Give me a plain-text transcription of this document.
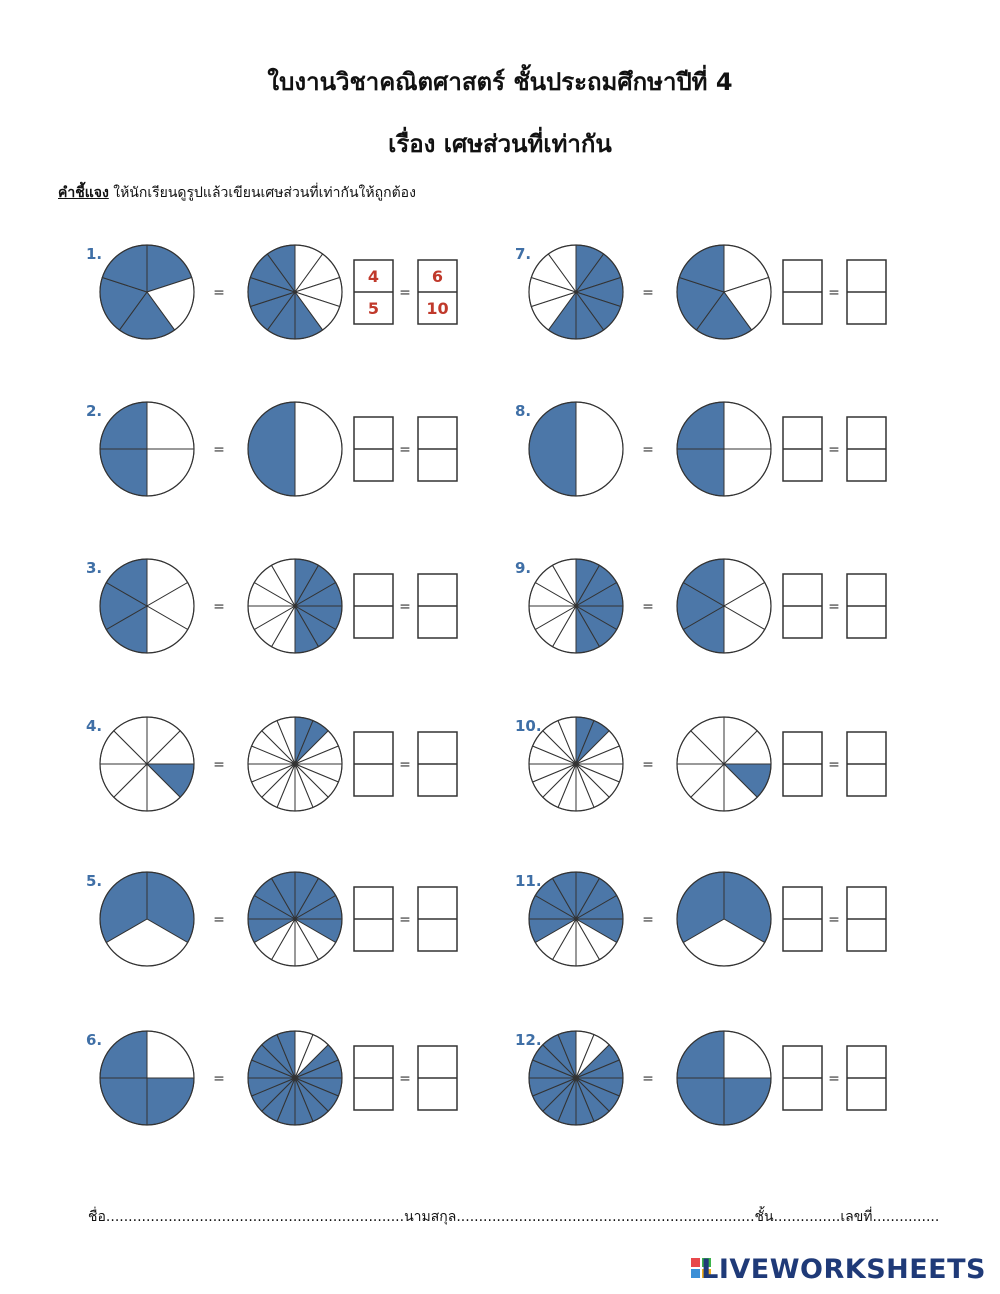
ใบงานวิชาคณิตศาสตร์ ชั้นประถมศึกษาปีที่ 4
เรื่อง เศษส่วนที่เท่ากัน
คำชี้แจง ให้นักเรียนดูรูปแล้วเขียนเศษส่วนที่เท่ากันให้ถูกต้อง
1.
=
4
5
=
6
10
2.
=	=
3.
=	=
4.
=	=
5.
=	=
6.
=	=
7.
=	=
8.
=	=
9.
=	=
10.
=	=
11.
=	=
12.
=	=
ชื่อ...................................................................นามสกุล...................................................................ชั้น...............เลขที่...............
LIVEWORKSHEETS
